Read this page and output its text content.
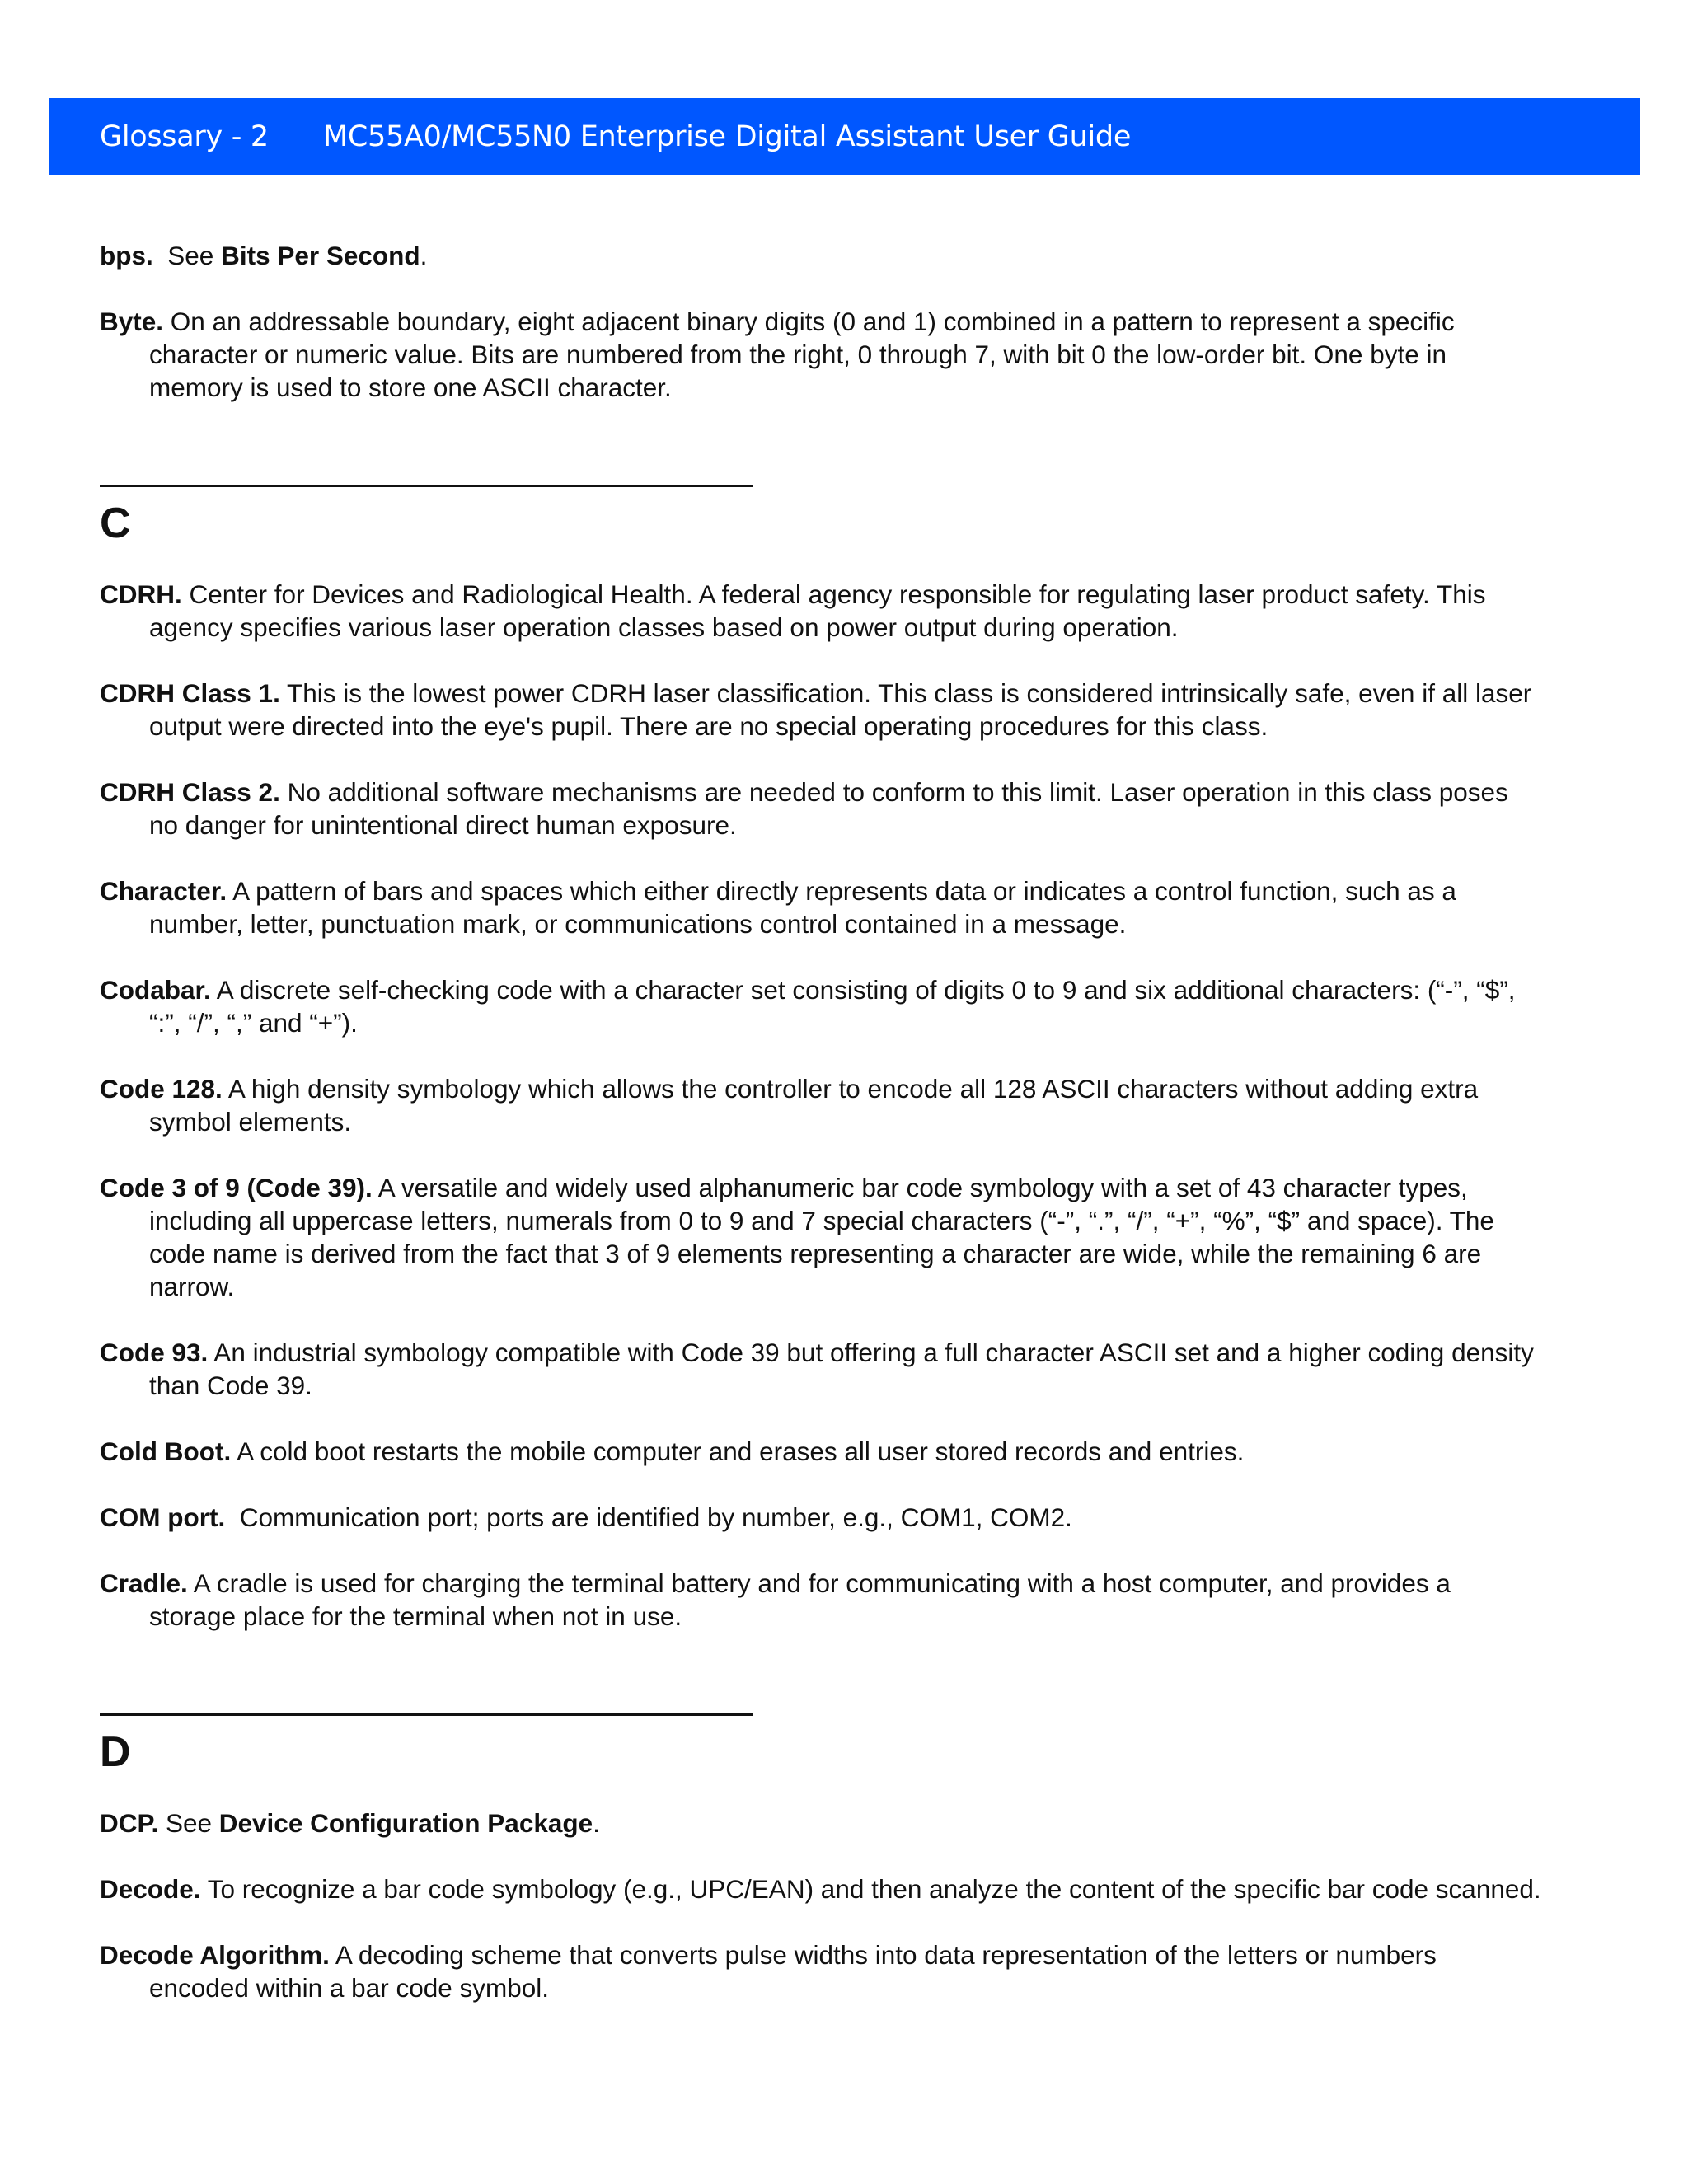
Glossary - 2 MC55A0/MC55N0 Enterprise Digital Assistant User Guide

bps.  See Bits Per Second.

Byte. On an addressable boundary, eight adjacent binary digits (0 and 1) combined in a pattern to represent a specific character or numeric value. Bits are numbered from the right, 0 through 7, with bit 0 the low-order bit. One byte in memory is used to store one ASCII character.

C

CDRH. Center for Devices and Radiological Health. A federal agency responsible for regulating laser product safety. This agency specifies various laser operation classes based on power output during operation.

CDRH Class 1. This is the lowest power CDRH laser classification. This class is considered intrinsically safe, even if all laser output were directed into the eye's pupil. There are no special operating procedures for this class.

CDRH Class 2. No additional software mechanisms are needed to conform to this limit. Laser operation in this class poses no danger for unintentional direct human exposure.

Character. A pattern of bars and spaces which either directly represents data or indicates a control function, such as a number, letter, punctuation mark, or communications control contained in a message.

Codabar. A discrete self-checking code with a character set consisting of digits 0 to 9 and six additional characters: (“-”, “$”, “:”, “/”, “,” and “+”).

Code 128. A high density symbology which allows the controller to encode all 128 ASCII characters without adding extra symbol elements.

Code 3 of 9 (Code 39). A versatile and widely used alphanumeric bar code symbology with a set of 43 character types, including all uppercase letters, numerals from 0 to 9 and 7 special characters (“-”, “.”, “/”, “+”, “%”, “$” and space). The code name is derived from the fact that 3 of 9 elements representing a character are wide, while the remaining 6 are narrow.

Code 93. An industrial symbology compatible with Code 39 but offering a full character ASCII set and a higher coding density than Code 39.

Cold Boot. A cold boot restarts the mobile computer and erases all user stored records and entries.

COM port.  Communication port; ports are identified by number, e.g., COM1, COM2.

Cradle. A cradle is used for charging the terminal battery and for communicating with a host computer, and provides a storage place for the terminal when not in use.

D

DCP. See Device Configuration Package.

Decode. To recognize a bar code symbology (e.g., UPC/EAN) and then analyze the content of the specific bar code scanned.

Decode Algorithm. A decoding scheme that converts pulse widths into data representation of the letters or numbers encoded within a bar code symbol.
